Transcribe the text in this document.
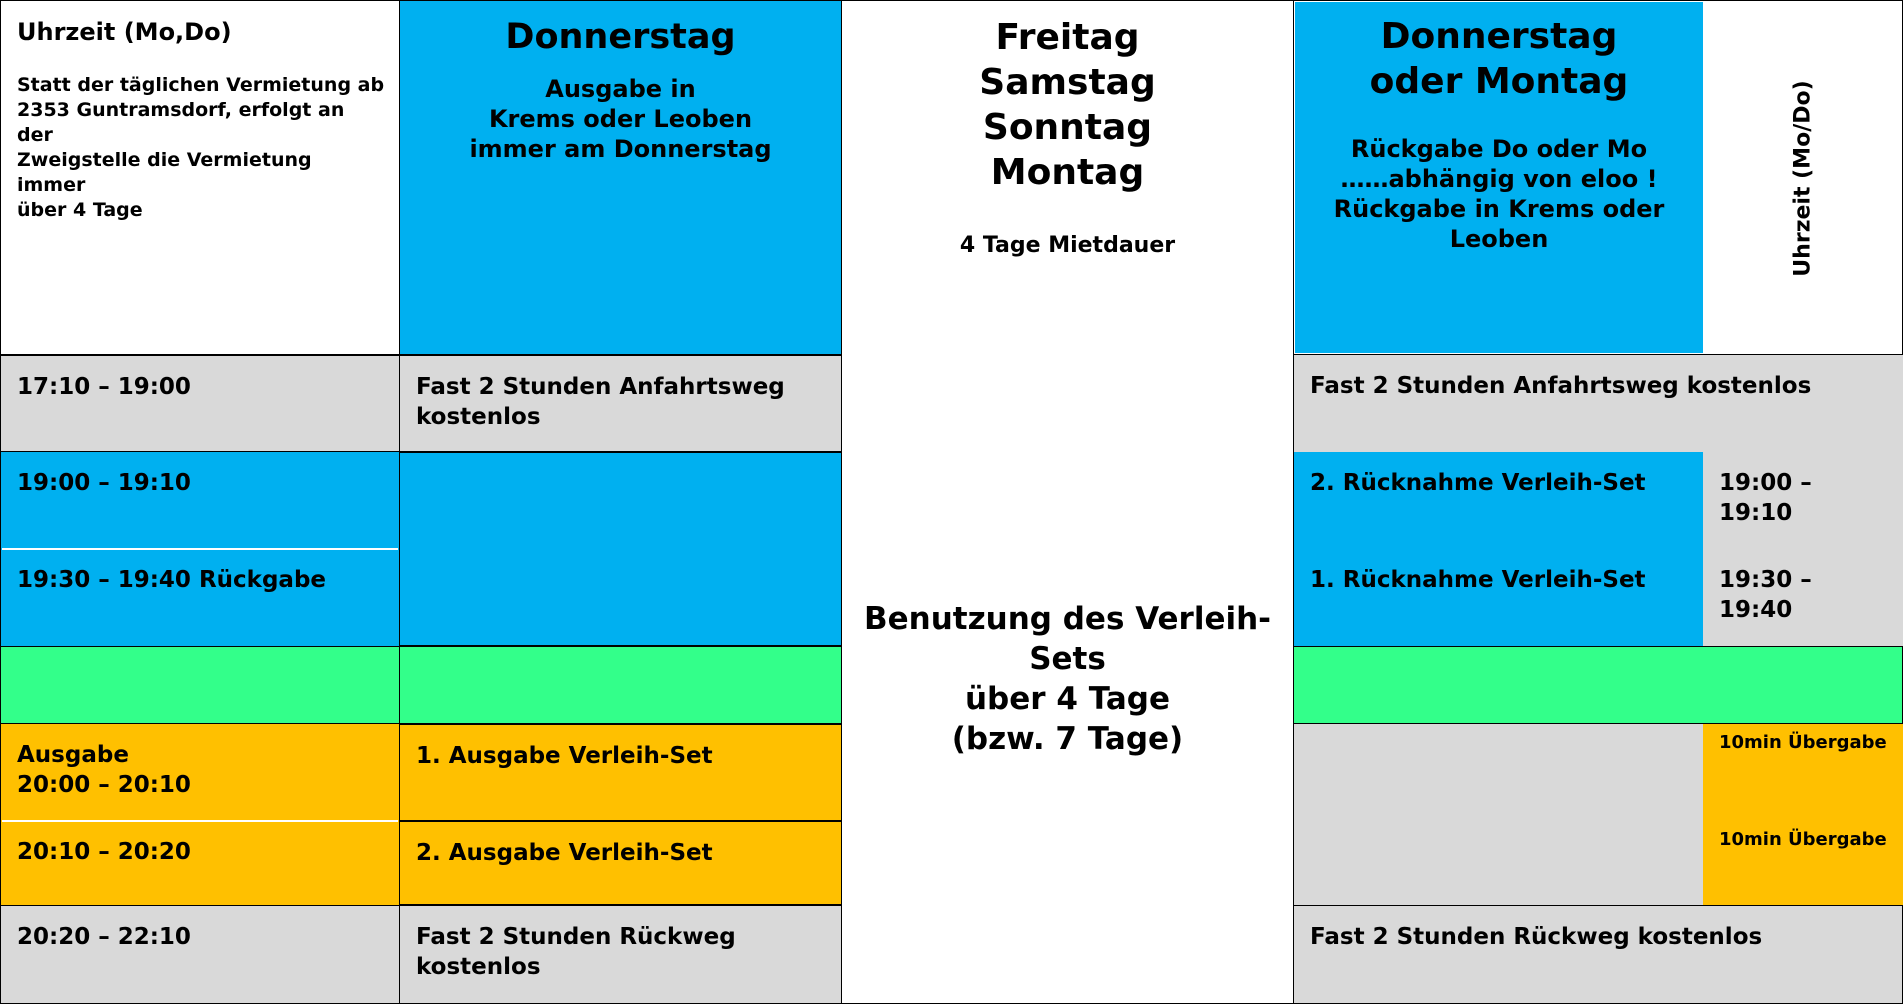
Uhrzeit (Mo,Do)
Statt der täglichen Vermietung ab
2353 Guntramsdorf, erfolgt an der
Zweigstelle die Vermietung immer
über 4 Tage
17:10 – 19:00
19:00 – 19:10
19:30 – 19:40 Rückgabe
Ausgabe
20:00 – 20:10
20:10 – 20:20
20:20 – 22:10
Donnerstag
Ausgabe in
Krems oder Leoben
immer am Donnerstag
Fast 2 Stunden Anfahrtsweg
kostenlos
1. Ausgabe Verleih-Set
2. Ausgabe Verleih-Set
Fast 2 Stunden Rückweg
kostenlos
Freitag
Samstag
Sonntag
Montag
4 Tage Mietdauer
Benutzung des Verleih-
Sets
über 4 Tage
(bzw. 7 Tage)
Donnerstag
oder Montag
Rückgabe Do oder Mo
……abhängig von eloo !
Rückgabe in Krems oder
Leoben	Uhrzeit (Mo/Do)
Fast 2 Stunden Anfahrtsweg kostenlos
2. Rücknahme Verleih-Set
1. Rücknahme Verleih-Set
19:00 – 19:10
19:30 – 19:40
10min Übergabe
10min Übergabe
Fast 2 Stunden Rückweg kostenlos
